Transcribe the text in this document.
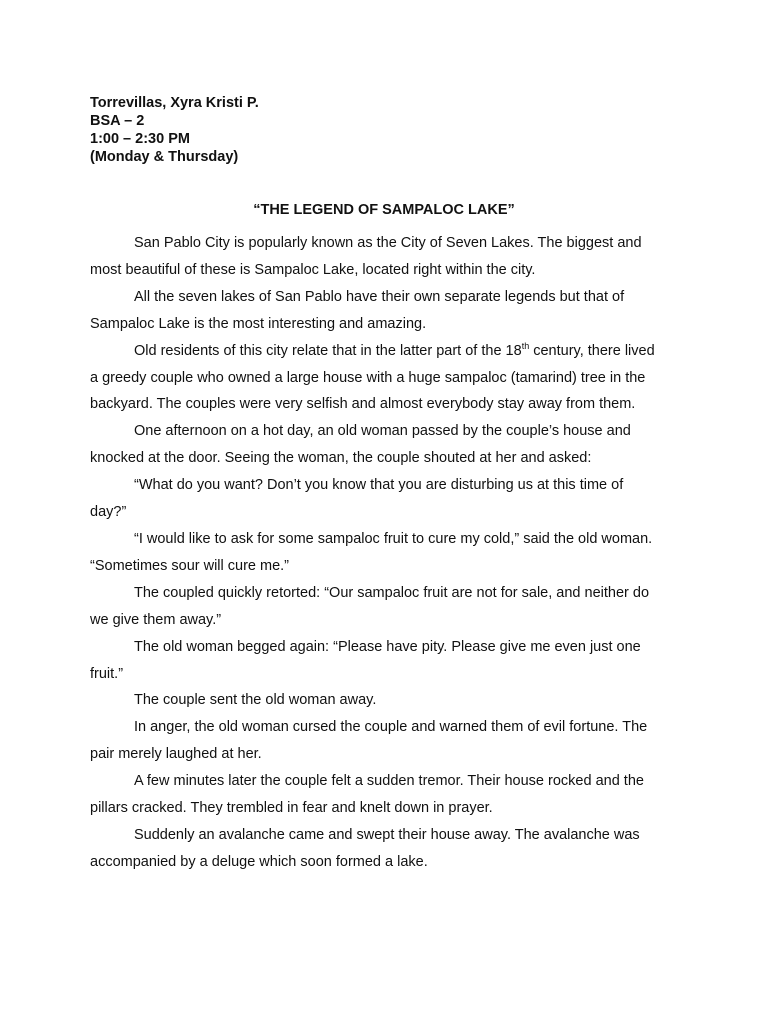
Torrevillas, Xyra Kristi P.
BSA – 2
1:00 – 2:30 PM
(Monday & Thursday)
“THE LEGEND OF SAMPALOC LAKE”
San Pablo City is popularly known as the City of Seven Lakes. The biggest and
most beautiful of these is Sampaloc Lake, located right within the city.
All the seven lakes of San Pablo have their own separate legends but that of
Sampaloc Lake is the most interesting and amazing.
Old residents of this city relate that in the latter part of the 18th century, there lived
a greedy couple who owned a large house with a huge sampaloc (tamarind) tree in the
backyard. The couples were very selfish and almost everybody stay away from them.
One afternoon on a hot day, an old woman passed by the couple’s house and
knocked at the door. Seeing the woman, the couple shouted at her and asked:
“What do you want? Don’t you know that you are disturbing us at this time of
day?”
“I would like to ask for some sampaloc fruit to cure my cold,” said the old woman.
“Sometimes sour will cure me.”
The coupled quickly retorted: “Our sampaloc fruit are not for sale, and neither do
we give them away.”
The old woman begged again: “Please have pity. Please give me even just one
fruit.”
The couple sent the old woman away.
In anger, the old woman cursed the couple and warned them of evil fortune. The
pair merely laughed at her.
A few minutes later the couple felt a sudden tremor. Their house rocked and the
pillars cracked. They trembled in fear and knelt down in prayer.
Suddenly an avalanche came and swept their house away. The avalanche was
accompanied by a deluge which soon formed a lake.
